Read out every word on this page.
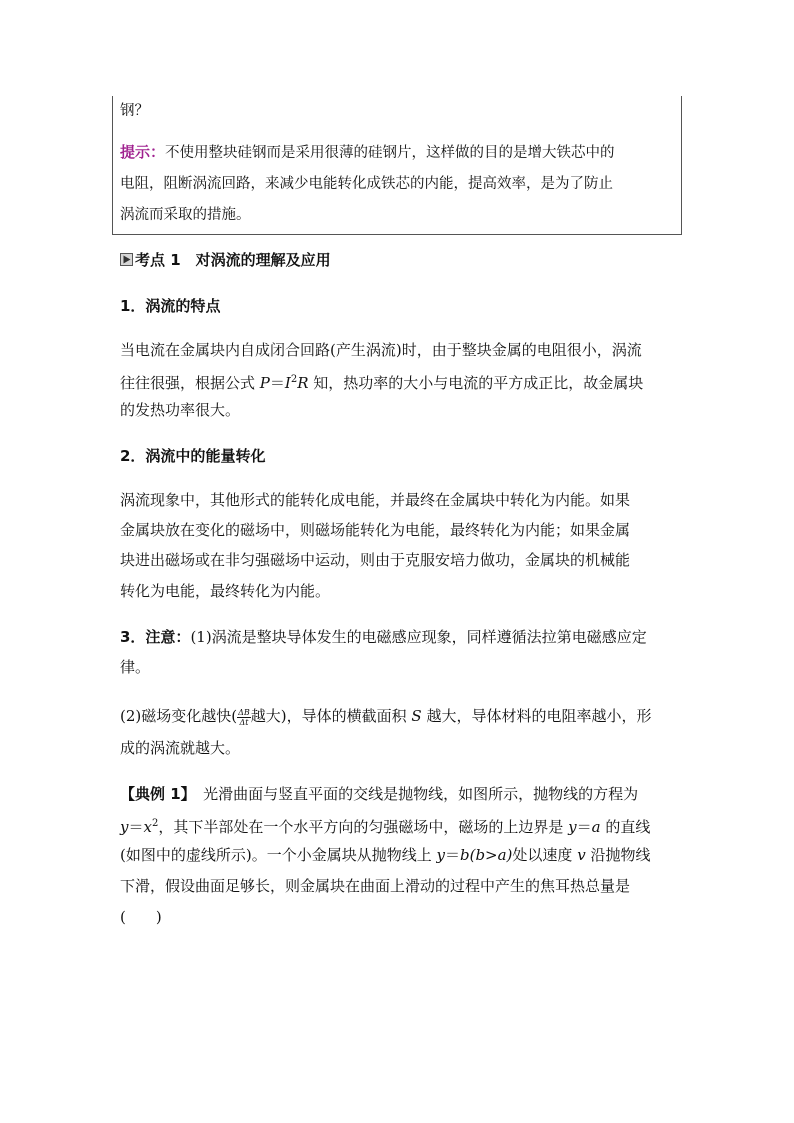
钢？
提示：不使用整块硅钢而是采用很薄的硅钢片，这样做的目的是增大铁芯中的
电阻，阻断涡流回路，来减少电能转化成铁芯的内能，提高效率，是为了防止
涡流而采取的措施。
考点 1　对涡流的理解及应用
1．涡流的特点
当电流在金属块内自成闭合回路(产生涡流)时，由于整块金属的电阻很小，涡流
往往很强，根据公式 $P=I^2R$ 知，热功率的大小与电流的平方成正比，故金属块
的发热功率很大。
2．涡流中的能量转化
涡流现象中，其他形式的能转化成电能，并最终在金属块中转化为内能。如果
金属块放在变化的磁场中，则磁场能转化为电能，最终转化为内能；如果金属
块进出磁场或在非匀强磁场中运动，则由于克服安培力做功，金属块的机械能
转化为电能，最终转化为内能。
3．注意：(1)涡流是整块导体发生的电磁感应现象，同样遵循法拉第电磁感应定
律。
(2)磁场变化越快( $\frac{\Delta B}{\Delta t}$ 越大)，导体的横截面积 S 越大，导体材料的电阻率越小，形
成的涡流就越大。
【典例 1】　光滑曲面与竖直平面的交线是抛物线，如图所示，抛物线的方程为
$y=x^2$，其下半部处在一个水平方向的匀强磁场中，磁场的上边界是 y＝a 的直线
(如图中的虚线所示)。一个小金属块从抛物线上 y＝b(b>a)处以速度 v 沿抛物线
下滑，假设曲面足够长，则金属块在曲面上滑动的过程中产生的焦耳热总量是
(　　)
